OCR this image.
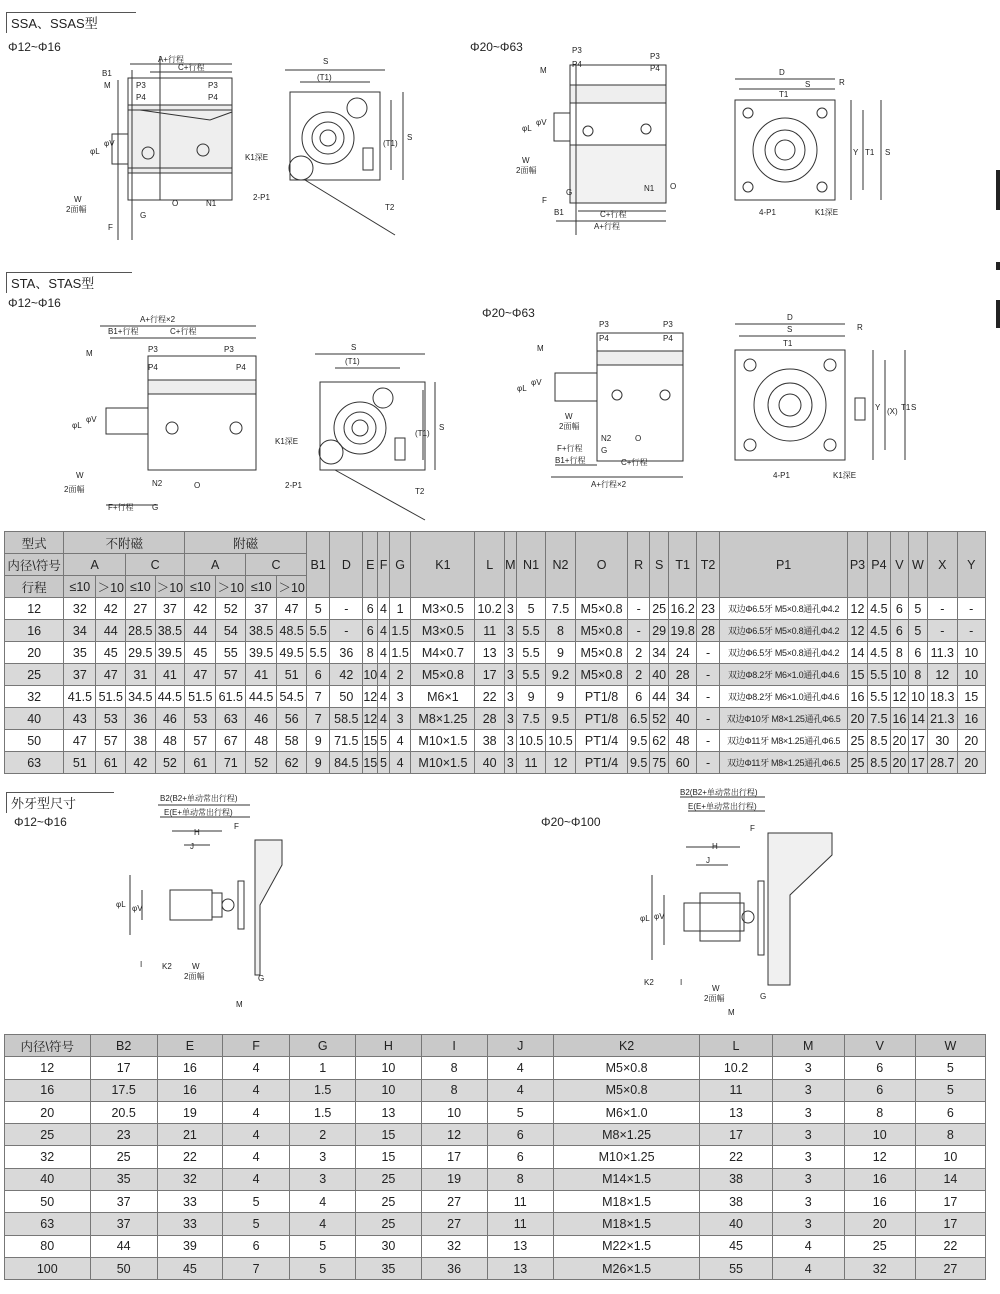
SSA、SSAS型
STA、STAS型
外牙型尺寸
Φ12~Φ16	Φ20~Φ63
Φ12~Φ16
Φ20~Φ63
Φ12~Φ16	Φ20~Φ100
A+行程
C+行程
B1
M	P3	P3
P4	P4
φL
φV
W
2面幅
F
G
O	N1
S
(T1)
S
(T1)
K1深E
2-P1
T2
P3
P3
P4	P4
M
φL
φV
W
2面幅
F
B1
G
C+行程
A+行程
N1 O
D
S
T1
R
Y T1 S
4-P1	K1深E
A+行程×2
B1+行程	C+行程
M	P3	P3
P4	P4
φL
φV
W
2面幅
F+行程 G
N2	O
S
(T1)
S
(T1)
K1深E
2-P1
T2
P3	P3
P4	P4
M
φL
φV
W
2面幅
N2	O
F+行程 G
B1+行程	C+行程
A+行程×2
D
S
T1
R
Y (X) T1 S
4-P1	K1深E
型式	不附磁				附磁				B1	D	E	F	G	K1	L	M	N1	N2	O	R	S	T1	T2	P1	P3	P4	V	W	X	Y
内径\符号	A		C		A		C																							
行程	≤10	＞10	≤10	＞10	≤10	＞10	≤10	＞10																						
12	32	42	27	37	42	52	37	47	5	-	6	4	1	M3×0.5	10.2	3	5	7.5	M5×0.8	-	25	16.2	23	双边Φ6.5牙 M5×0.8通孔Φ4.2	12	4.5	6	5	-	-
16	34	44	28.5	38.5	44	54	38.5	48.5	5.5	-	6	4	1.5	M3×0.5	11	3	5.5	8	M5×0.8	-	29	19.8	28	双边Φ6.5牙 M5×0.8通孔Φ4.2	12	4.5	6	5	-	-
20	35	45	29.5	39.5	45	55	39.5	49.5	5.5	36	8	4	1.5	M4×0.7	13	3	5.5	9	M5×0.8	2	34	24	-	双边Φ6.5牙 M5×0.8通孔Φ4.2	14	4.5	8	6	11.3	10
25	37	47	31	41	47	57	41	51	6	42	10	4	2	M5×0.8	17	3	5.5	9.2	M5×0.8	2	40	28	-	双边Φ8.2牙 M6×1.0通孔Φ4.6	15	5.5	10	8	12	10
32	41.5	51.5	34.5	44.5	51.5	61.5	44.5	54.5	7	50	12	4	3	M6×1	22	3	9	9	PT1/8	6	44	34	-	双边Φ8.2牙 M6×1.0通孔Φ4.6	16	5.5	12	10	18.3	15
40	43	53	36	46	53	63	46	56	7	58.5	12	4	3	M8×1.25	28	3	7.5	9.5	PT1/8	6.5	52	40	-	双边Φ10牙 M8×1.25通孔Φ6.5	20	7.5	16	14	21.3	16
50	47	57	38	48	57	67	48	58	9	71.5	15	5	4	M10×1.5	38	3	10.5	10.5	PT1/4	9.5	62	48	-	双边Φ11牙 M8×1.25通孔Φ6.5	25	8.5	20	17	30	20
63	51	61	42	52	61	71	52	62	9	84.5	15	5	4	M10×1.5	40	3	11	12	PT1/4	9.5	75	60	-	双边Φ11牙 M8×1.25通孔Φ6.5	25	8.5	20	17	28.7	20
B2(B2+单动常出行程)
E(E+单动常出行程)
F
H
J
φL φV
I K2	W
2面幅	G
M
B2(B2+单动常出行程)
E(E+单动常出行程)
F
H
J
φL φV
K2	I
W
2面幅	G
M
内径\符号	B2	E	F	G	H	I	J	K2	L	M	V	W
12	17	16	4	1	10	8	4	M5×0.8	10.2	3	6	5
16	17.5	16	4	1.5	10	8	4	M5×0.8	11	3	6	5
20	20.5	19	4	1.5	13	10	5	M6×1.0	13	3	8	6
25	23	21	4	2	15	12	6	M8×1.25	17	3	10	8
32	25	22	4	3	15	17	6	M10×1.25	22	3	12	10
40	35	32	4	3	25	19	8	M14×1.5	38	3	16	14
50	37	33	5	4	25	27	11	M18×1.5	38	3	16	17
63	37	33	5	4	25	27	11	M18×1.5	40	3	20	17
80	44	39	6	5	30	32	13	M22×1.5	45	4	25	22
100	50	45	7	5	35	36	13	M26×1.5	55	4	32	27
